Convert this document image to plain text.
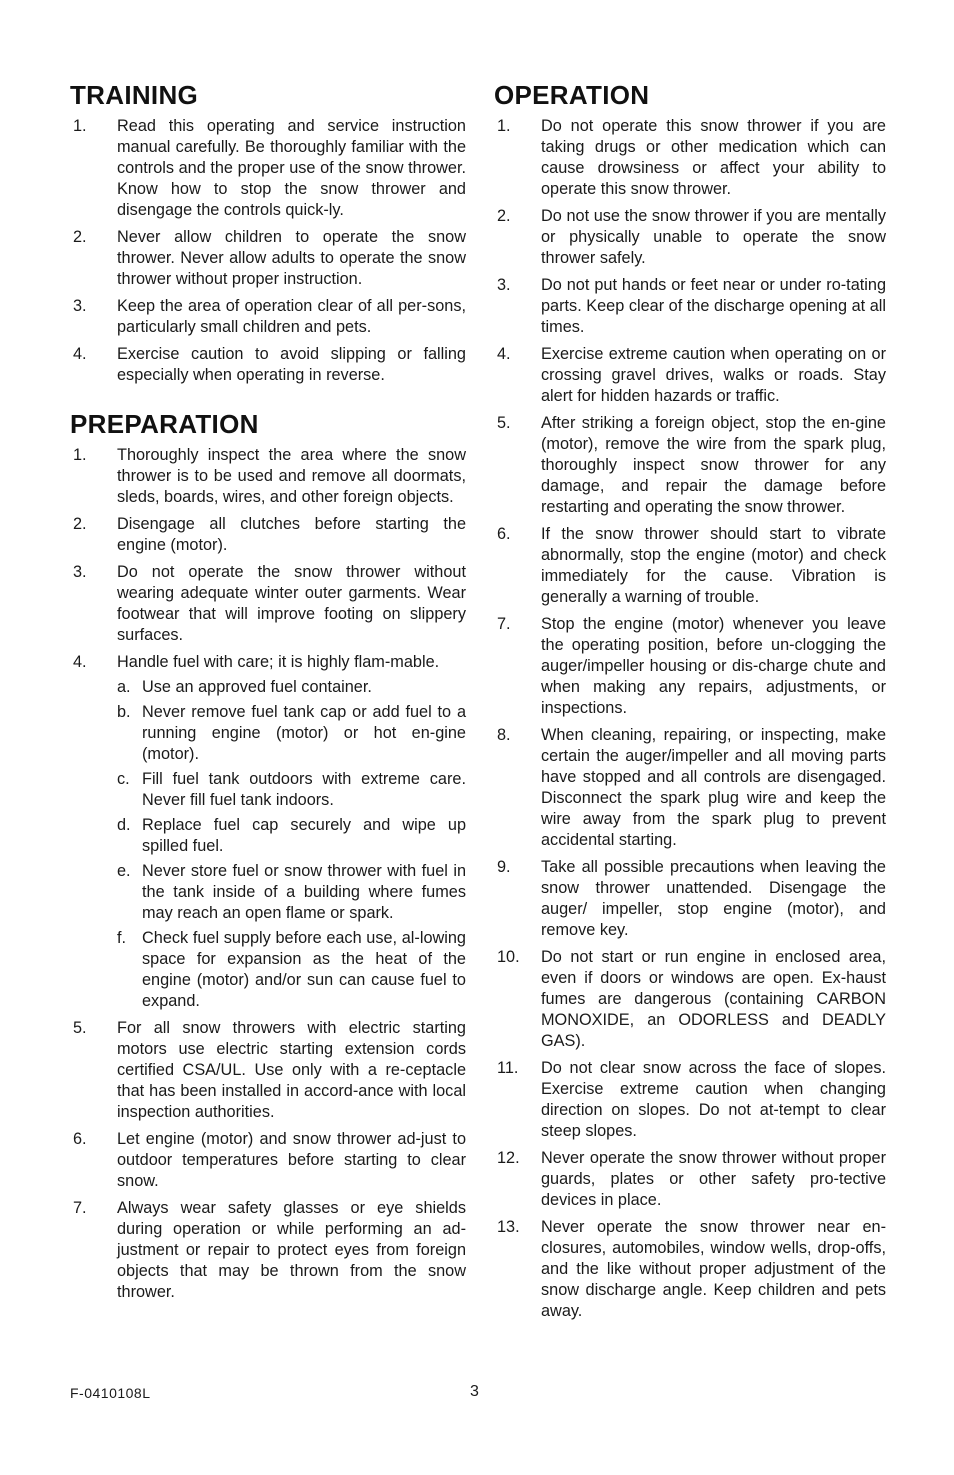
TRAINING
1. Read this operating and service instruction manual carefully. Be thoroughly familiar with the controls and the proper use of the snow thrower. Know how to stop the snow thrower and disengage the controls quick-ly.
2. Never allow children to operate the snow thrower. Never allow adults to operate the snow thrower without proper instruction.
3. Keep the area of operation clear of all per-sons, particularly small children and pets.
4. Exercise caution to avoid slipping or falling especially when operating in reverse.
PREPARATION
1. Thoroughly inspect the area where the snow thrower is to be used and remove all doormats, sleds, boards, wires, and other foreign objects.
2. Disengage all clutches before starting the engine (motor).
3. Do not operate the snow thrower without wearing adequate winter outer garments. Wear footwear that will improve footing on slippery surfaces.
4. Handle fuel with care; it is highly flam-mable.
a. Use an approved fuel container.
b. Never remove fuel tank cap or add fuel to a running engine (motor) or hot en-gine (motor).
c. Fill fuel tank outdoors with extreme care. Never fill fuel tank indoors.
d. Replace fuel cap securely and wipe up spilled fuel.
e. Never store fuel or snow thrower with fuel in the tank inside of a building where fumes may reach an open flame or spark.
f. Check fuel supply before each use, al-lowing space for expansion as the heat of the engine (motor) and/or sun can cause fuel to expand.
5. For all snow throwers with electric starting motors use electric starting extension cords certified CSA/UL. Use only with a re-ceptacle that has been installed in accord-ance with local inspection authorities.
6. Let engine (motor) and snow thrower ad-just to outdoor temperatures before starting to clear snow.
7. Always wear safety glasses or eye shields during operation or while performing an ad-justment or repair to protect eyes from foreign objects that may be thrown from the snow thrower.
OPERATION
1. Do not operate this snow thrower if you are taking drugs or other medication which can cause drowsiness or affect your ability to operate this snow thrower.
2. Do not use the snow thrower if you are mentally or physically unable to operate the snow thrower safely.
3. Do not put hands or feet near or under ro-tating parts. Keep clear of the discharge opening at all times.
4. Exercise extreme caution when operating on or crossing gravel drives, walks or roads. Stay alert for hidden hazards or traffic.
5. After striking a foreign object, stop the en-gine (motor), remove the wire from the spark plug, thoroughly inspect snow thrower for any damage, and repair the damage before restarting and operating the snow thrower.
6. If the snow thrower should start to vibrate abnormally, stop the engine (motor) and check immediately for the cause. Vibration is generally a warning of trouble.
7. Stop the engine (motor) whenever you leave the operating position, before un-clogging the auger/impeller housing or dis-charge chute and when making any repairs, adjustments, or inspections.
8. When cleaning, repairing, or inspecting, make certain the auger/impeller and all moving parts have stopped and all controls are disengaged. Disconnect the spark plug wire and keep the wire away from the spark plug to prevent accidental starting.
9. Take all possible precautions when leaving the snow thrower unattended. Disengage the auger/ impeller, stop engine (motor), and remove key.
10. Do not start or run engine in enclosed area, even if doors or windows are open. Ex-haust fumes are dangerous (containing CARBON MONOXIDE, an ODORLESS and DEADLY GAS).
11. Do not clear snow across the face of slopes. Exercise extreme caution when changing direction on slopes. Do not at-tempt to clear steep slopes.
12. Never operate the snow thrower without proper guards, plates or other safety pro-tective devices in place.
13. Never operate the snow thrower near en-closures, automobiles, window wells, drop-offs, and the like without proper adjustment of the snow discharge angle. Keep children and pets away.
F-0410108L	3
